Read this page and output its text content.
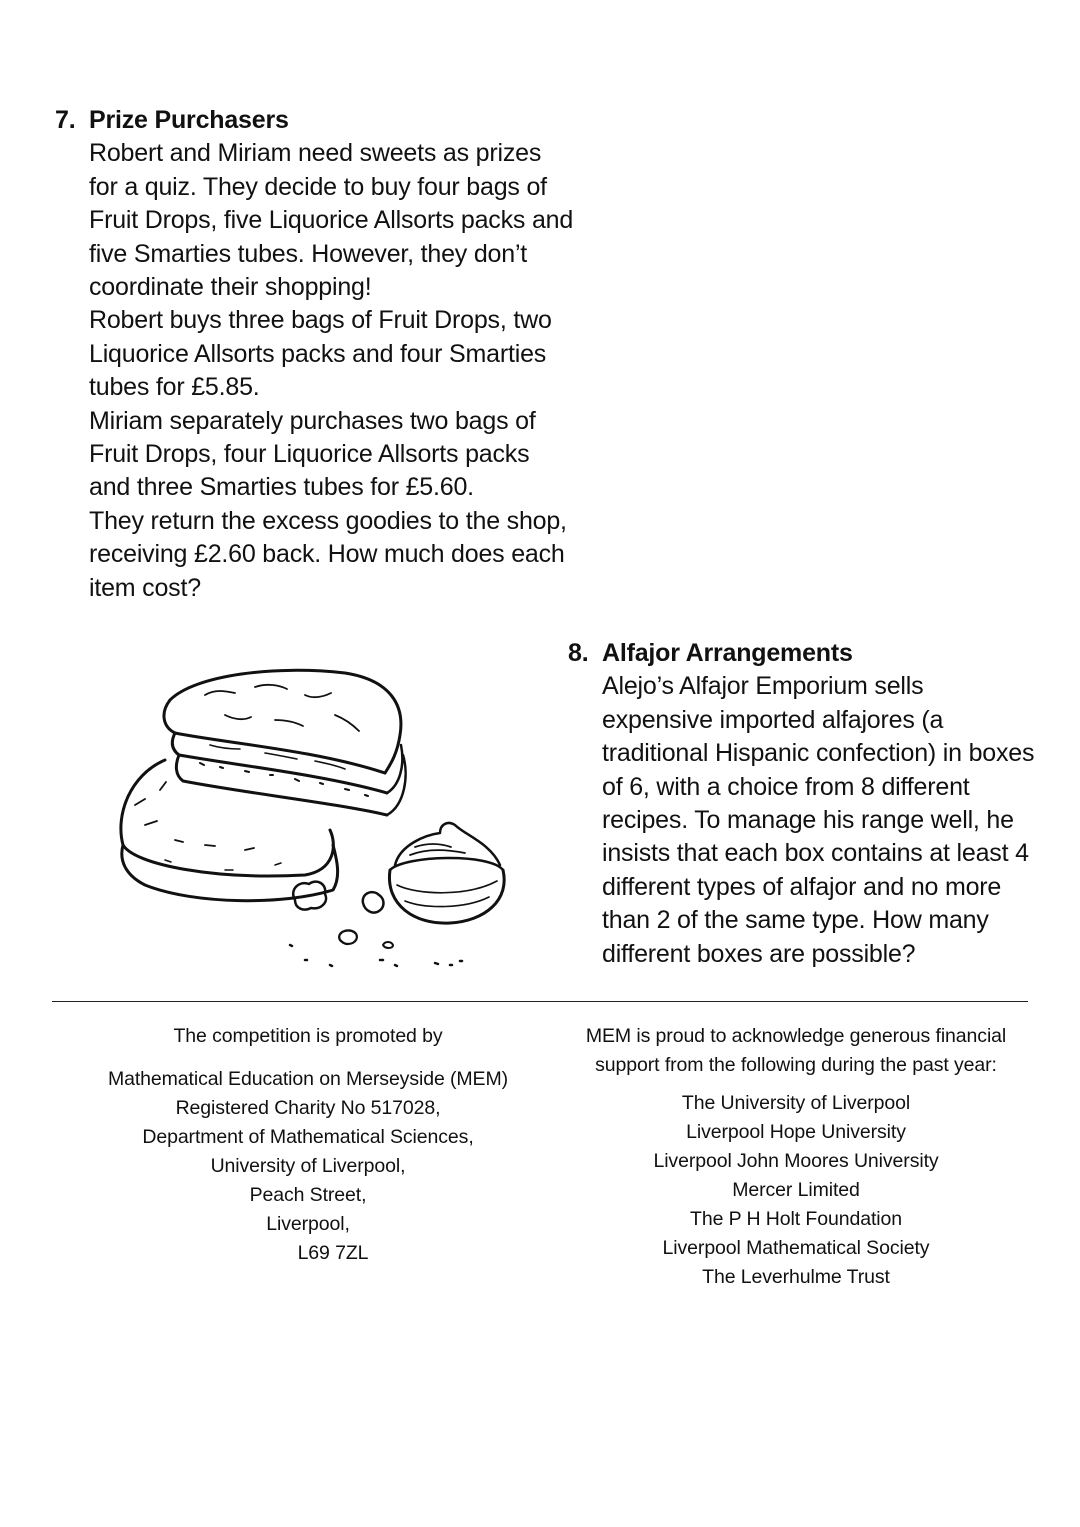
7. Prize Purchasers
Robert and Miriam need sweets as prizes for a quiz. They decide to buy four bags of Fruit Drops, five Liquorice Allsorts packs and five Smarties tubes. However, they don’t coordinate their shopping!
Robert buys three bags of Fruit Drops, two Liquorice Allsorts packs and four Smarties tubes for £5.85.
Miriam separately purchases two bags of Fruit Drops, four Liquorice Allsorts packs and three Smarties tubes for £5.60.
They return the excess goodies to the shop, receiving £2.60 back. How much does each item cost?
8. Alfajor Arrangements
Alejo’s Alfajor Emporium sells expensive imported alfajores (a traditional Hispanic confection) in boxes of 6, with a choice from 8 different recipes. To manage his range well, he insists that each box contains at least 4 different types of alfajor and no more than 2 of the same type. How many different boxes are possible?
The competition is promoted by
Mathematical Education on Merseyside (MEM)
Registered Charity No 517028,
Department of Mathematical Sciences,
University of Liverpool,
Peach Street,
Liverpool,
L69 7ZL
MEM is proud to acknowledge generous financial support from the following during the past year:
The University of Liverpool
Liverpool Hope University
Liverpool John Moores University
Mercer Limited
The P H Holt Foundation
Liverpool Mathematical Society
The Leverhulme Trust
